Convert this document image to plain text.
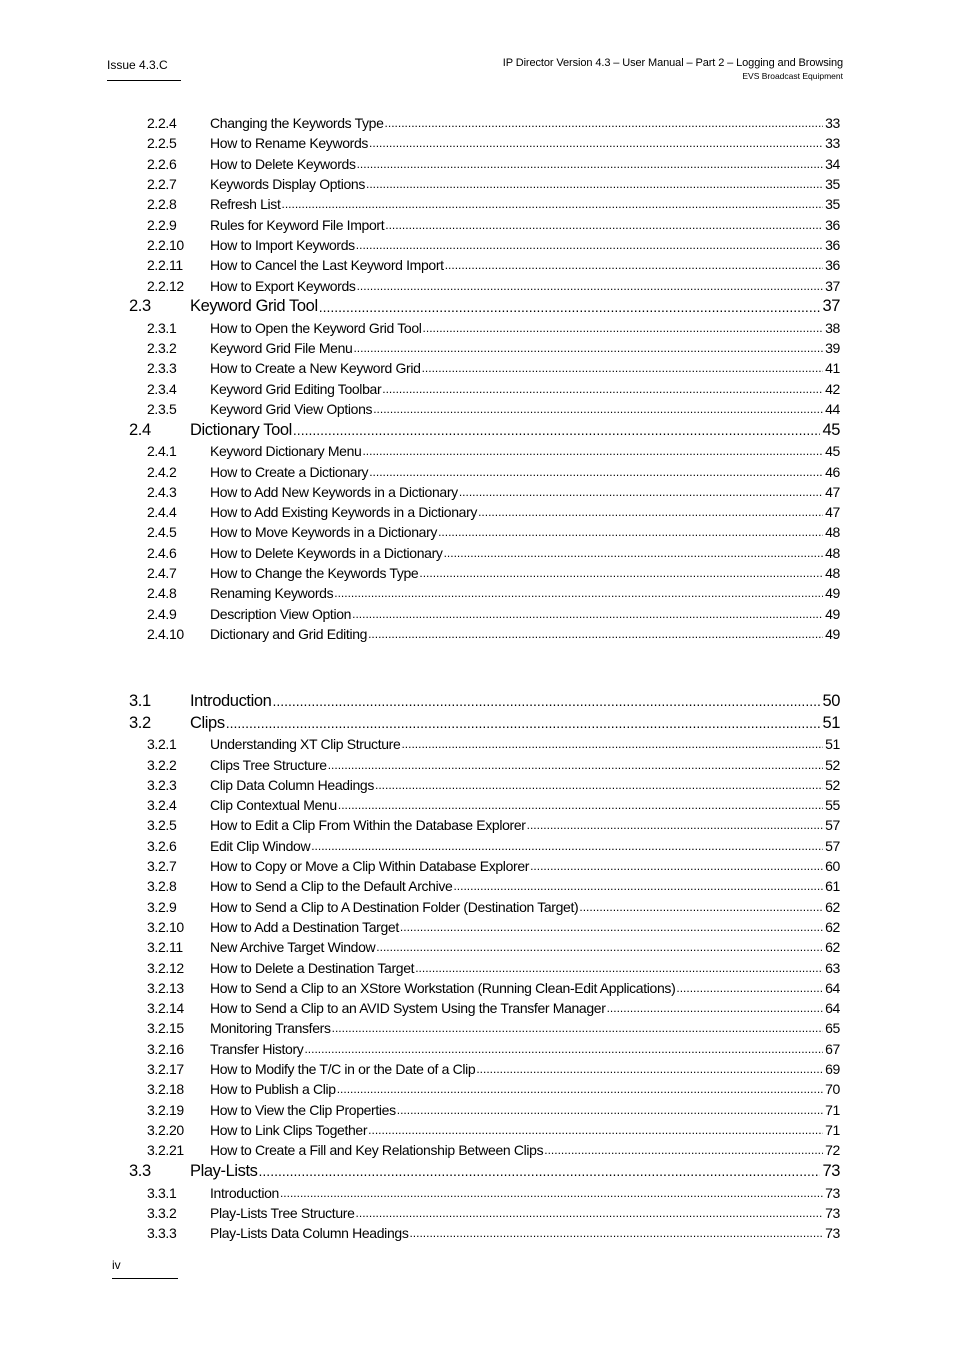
Issue 4.3.C	IP Director Version 4.3 – User Manual – Part 2 – Logging and Browsing
EVS Broadcast Equipment
2.2.4 Changing the Keywords Type .....	33
2.2.5 How to Rename Keywords .....	33
2.2.6 How to Delete Keywords .....	34
2.2.7 Keywords Display Options .....	35
2.2.8 Refresh List .....	35
2.2.9 Rules for Keyword File Import .....	36
2.2.10 How to Import Keywords .....	36
2.2.11 How to Cancel the Last Keyword Import .....	36
2.2.12 How to Export Keywords .....	37
2.3 Keyword Grid Tool .....	37
2.3.1 How to Open the Keyword Grid Tool .....	38
2.3.2 Keyword Grid File Menu .....	39
2.3.3 How to Create a New Keyword Grid .....	41
2.3.4 Keyword Grid Editing Toolbar .....	42
2.3.5 Keyword Grid View Options .....	44
2.4 Dictionary Tool .....	45
2.4.1 Keyword Dictionary Menu .....	45
2.4.2 How to Create a Dictionary .....	46
2.4.3 How to Add New Keywords in a Dictionary .....	47
2.4.4 How to Add Existing Keywords in a Dictionary .....	47
2.4.5 How to Move Keywords in a Dictionary .....	48
2.4.6 How to Delete Keywords in a Dictionary .....	48
2.4.7 How to Change the Keywords Type .....	48
2.4.8 Renaming Keywords .....	49
2.4.9 Description View Option .....	49
2.4.10 Dictionary and Grid Editing .....	49
3.1 Introduction .....	50
3.2 Clips .....	51
3.2.1 Understanding XT Clip Structure .....	51
3.2.2 Clips Tree Structure .....	52
3.2.3 Clip Data Column Headings .....	52
3.2.4 Clip Contextual Menu .....	55
3.2.5 How to Edit a Clip From Within the Database Explorer .....	57
3.2.6 Edit Clip Window .....	57
3.2.7 How to Copy or Move a Clip Within Database Explorer .....	60
3.2.8 How to Send a Clip to the Default Archive .....	61
3.2.9 How to Send a Clip to A Destination Folder (Destination Target) .....	62
3.2.10 How to Add a Destination Target .....	62
3.2.11 New Archive Target Window .....	62
3.2.12 How to Delete a Destination Target .....	63
3.2.13 How to Send a Clip to an XStore Workstation (Running Clean-Edit Applications) .....	64
3.2.14 How to Send a Clip to an AVID System Using the Transfer Manager .....	64
3.2.15 Monitoring Transfers .....	65
3.2.16 Transfer History .....	67
3.2.17 How to Modify the T/C in or the Date of a Clip .....	69
3.2.18 How to Publish a Clip .....	70
3.2.19 How to View the Clip Properties .....	71
3.2.20 How to Link Clips Together .....	71
3.2.21 How to Create a Fill and Key Relationship Between Clips .....	72
3.3 Play-Lists .....	73
3.3.1 Introduction .....	73
3.3.2 Play-Lists Tree Structure .....	73
3.3.3 Play-Lists Data Column Headings .....	73
iv
